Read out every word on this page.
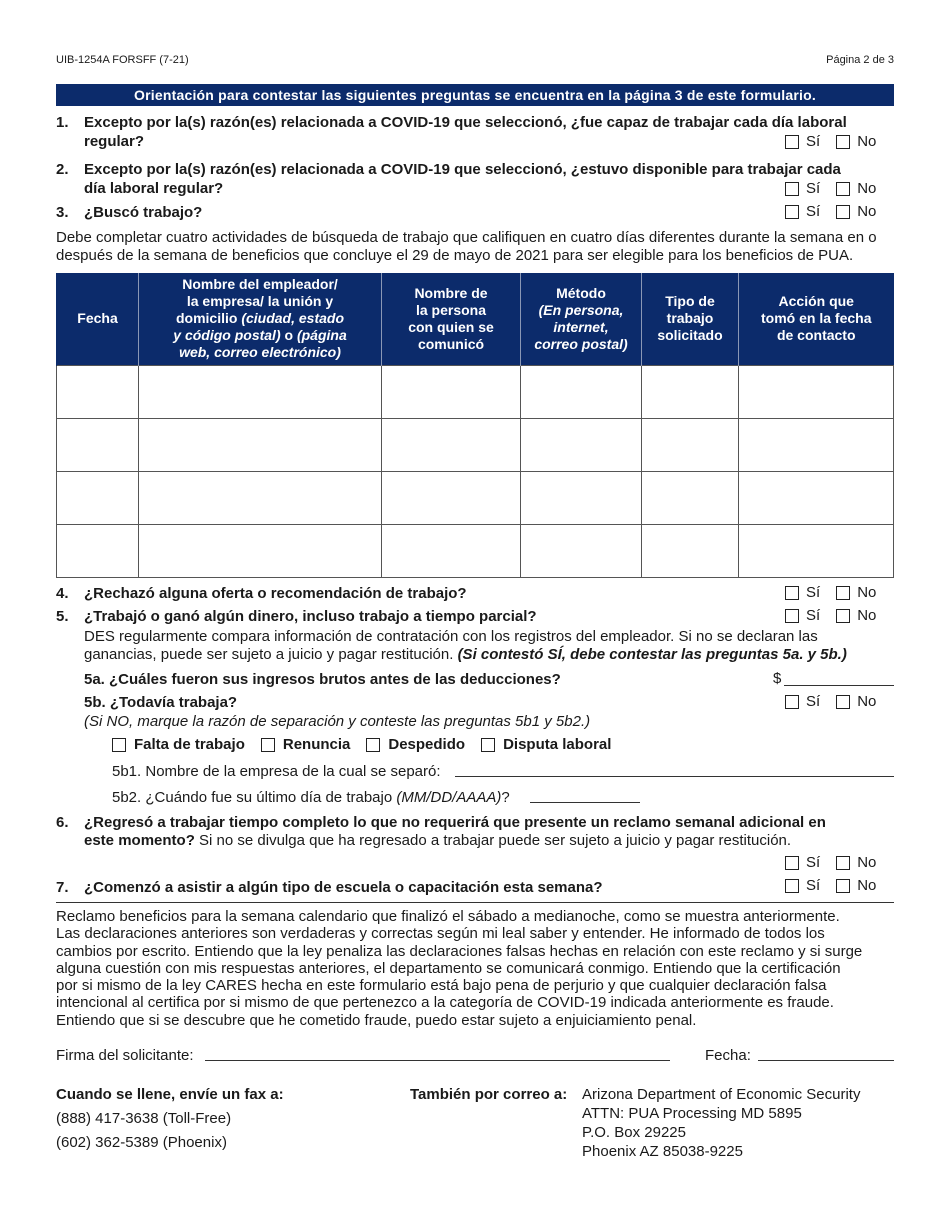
UIB-1254A FORSFF (7-21)	Página 2 de 3
Orientación para contestar las siguientes preguntas se encuentra en la página 3 de este formulario.
1. Excepto por la(s) razón(es) relacionada a COVID-19 que seleccionó, ¿fue capaz de trabajar cada día laboral
regular?	Sí No
2. Excepto por la(s) razón(es) relacionada a COVID-19 que seleccionó, ¿estuvo disponible para trabajar cada
día laboral regular?	Sí No
3. ¿Buscó trabajo?	Sí No
Debe completar cuatro actividades de búsqueda de trabajo que califiquen en cuatro días diferentes durante la semana en o
después de la semana de beneficios que concluye el 29 de mayo de 2021 para ser elegible para los beneficios de PUA.
Fecha	Nombre del empleador/
la empresa/ la unión y
domicilio (ciudad, estado
y código postal) o (página
web, correo electrónico)	Nombre de
la persona
con quien se
comunicó	Método
(En persona,
internet,
correo postal)	Tipo de
trabajo
solicitado	Acción que
tomó en la fecha
de contacto

4. ¿Rechazó alguna oferta o recomendación de trabajo?	Sí No
5. ¿Trabajó o ganó algún dinero, incluso trabajo a tiempo parcial?	Sí No
DES regularmente compara información de contratación con los registros del empleador. Si no se declaran las
ganancias, puede ser sujeto a juicio y pagar restitución. (Si contestó SÍ, debe contestar las preguntas 5a. y 5b.)
5a. ¿Cuáles fueron sus ingresos brutos antes de las deducciones?	$
5b. ¿Todavía trabaja?	Sí No
(Si NO, marque la razón de separación y conteste las preguntas 5b1 y 5b2.)
Falta de trabajo	Renuncia	Despedido	Disputa laboral
5b1. Nombre de la empresa de la cual se separó:
5b2. ¿Cuándo fue su último día de trabajo (MM/DD/AAAA)?
6. ¿Regresó a trabajar tiempo completo lo que no requerirá que presente un reclamo semanal adicional en
este momento? Si no se divulga que ha regresado a trabajar puede ser sujeto a juicio y pagar restitución.
Sí No
7. ¿Comenzó a asistir a algún tipo de escuela o capacitación esta semana?	Sí No
Reclamo beneficios para la semana calendario que finalizó el sábado a medianoche, como se muestra anteriormente.
Las declaraciones anteriores son verdaderas y correctas según mi leal saber y entender. He informado de todos los
cambios por escrito. Entiendo que la ley penaliza las declaraciones falsas hechas en relación con este reclamo y si surge
alguna cuestión con mis respuestas anteriores, el departamento se comunicará conmigo. Entiendo que la certificación
por si mismo de la ley CARES hecha en este formulario está bajo pena de perjurio y que cualquier declaración falsa
intencional al certifica por si mismo de que pertenezco a la categoría de COVID-19 indicada anteriormente es fraude.
Entiendo que si se descubre que he cometido fraude, puedo estar sujeto a enjuiciamiento penal.
Firma del solicitante:	Fecha:
Cuando se llene, envíe un fax a:
(888) 417-3638 (Toll-Free)
(602) 362-5389 (Phoenix)
También por correo a: Arizona Department of Economic Security
ATTN: PUA Processing MD 5895
P.O. Box 29225
Phoenix AZ 85038-9225
